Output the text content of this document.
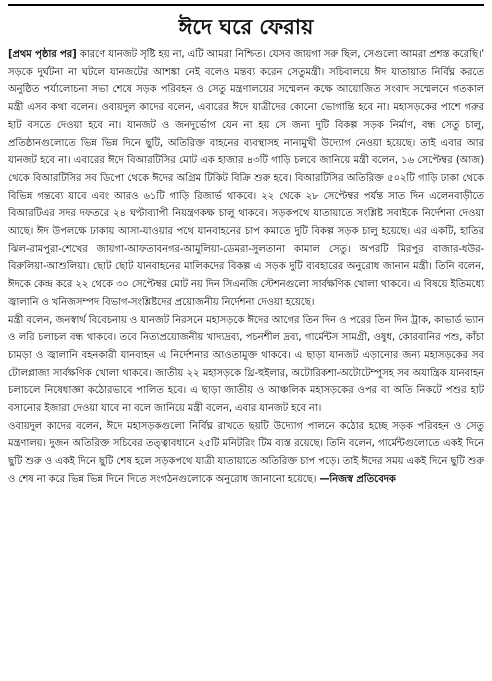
ঈদে ঘরে ফেরায়

[প্রথম পৃষ্ঠার পর] কারণে যানজট সৃষ্টি হয় না, এটি আমরা নিশ্চিত। যেসব জায়গা সরু ছিল, সেগুলো আমরা প্রশস্ত করেছি।' সড়কে দুর্ঘটনা না ঘটলে যানজটের আশঙ্কা নেই বলেও মন্তব্য করেন সেতুমন্ত্রী। সচিবালয়ে ঈদ যাতায়াত নির্বিঘ্ন করতে অনুষ্ঠিত পর্যালোচনা সভা শেষে সড়ক পরিবহন ও সেতু মন্ত্রণালয়ের সম্মেলন কক্ষে আয়োজিত সংবাদ সম্মেলনে গতকাল মন্ত্রী এসব কথা বলেন। ওবায়দুল কাদের বলেন, এবারের ঈদে যাত্রীদের কোনো ভোগান্তি হবে না। মহাসড়কের পাশে গরুর হাট বসতে দেওয়া হবে না। যানজট ও জনদুর্ভোগ যেন না হয় সে জন্য দুটি বিকল্প সড়ক নির্মাণ, বন্ধ সেতু চালু, প্রতিষ্ঠানগুলোতে ভিন্ন ভিন্ন দিনে ছুটি, অতিরিক্ত বাহনের ব্যবস্থাসহ নানামুখী উদ্যোগ নেওয়া হয়েছে। তাই এবার আর যানজট হবে না। এবারের ঈদে বিআরটিসির মোট এক হাজার ৪৩টি গাড়ি চলবে জানিয়ে মন্ত্রী বলেন, ১৬ সেপ্টেম্বর (আজ) থেকে বিআরটিসির সব ডিপো থেকে ঈদের অগ্রিম টিকিট বিক্রি শুরু হবে। বিআরটিসির অতিরিক্ত ৫০২টি গাড়ি ঢাকা থেকে বিভিন্ন গন্তব্যে যাবে এবং আরও ৬১টি গাড়ি রিজার্ভ থাকবে। ২২ থেকে ২৮ সেপ্টেম্বর পর্যন্ত সাত দিন এলেনবাড়ীতে বিআরটিএর সদর দফতরে ২৪ ঘণ্টাব্যাপী নিয়ন্ত্রণকক্ষ চালু থাকবে। সড়কপথে যাতায়াতে সংশ্লিষ্ট সবাইকে নির্দেশনা দেওয়া আছে। ঈদ উপলক্ষে ঢাকায় আসা-যাওয়ার পথে যানবাহনের চাপ কমাতে দুটি বিকল্প সড়ক চালু হয়েছে। এর একটি, হাতির ঝিল-রামপুরা-শেখের জায়গা-আফতাবনগর-আমুলিয়া-ডেমরা-সুলতানা কামাল সেতু। অপরটি মিরপুর বাজার-ধউর-বিরুলিয়া-আশুলিয়া। ছোট ছোট যানবাহনের মালিকদের বিকল্প এ সড়ক দুটি ব্যবহারের অনুরোধ জানান মন্ত্রী। তিনি বলেন, ঈদকে কেন্দ্র করে ২২ থেকে ৩০ সেপ্টেম্বর মোট নয় দিন সিএনজি স্টেশনগুলো সার্বক্ষণিক খোলা থাকবে। এ বিষয়ে ইতিমধ্যে জ্বালানি ও খনিজসম্পদ বিভাগ-সংশ্লিষ্টদের প্রয়োজনীয় নির্দেশনা দেওয়া হয়েছে।

মন্ত্রী বলেন, জনস্বার্থ বিবেচনায় ও যানজট নিরসনে মহাসড়কে ঈদের আগের তিন দিন ও পরের তিন দিন ট্রাক, কাভার্ড ভ্যান ও লরি চলাচল বন্ধ থাকবে। তবে নিত্যপ্রয়োজনীয় খাদ্যদ্রব্য, পচনশীল দ্রব্য, গার্মেন্টস সামগ্রী, ওষুধ, কোরবানির পশু, কাঁচা চামড়া ও জ্বালানি বহনকারী যানবাহন এ নির্দেশনার আওতামুক্ত থাকবে। এ ছাড়া যানজট এড়ানোর জন্য মহাসড়কের সব টোলপ্লাজা সার্বক্ষণিক খোলা থাকবে। জাতীয় ২২ মহাসড়কে থ্রি-হুইলার, অটোরিকশা-অটোটেম্পুসহ সব অযান্ত্রিক যানবাহন চলাচলে নিষেধাজ্ঞা কঠোরভাবে পালিত হবে। এ ছাড়া জাতীয় ও আঞ্চলিক মহাসড়কের ওপর বা অতি নিকটে পশুর হাট বসানোর ইজারা দেওয়া যাবে না বলে জানিয়ে মন্ত্রী বলেন, এবার যানজট হবে না।

ওবায়দুল কাদের বলেন, ঈদে মহাসড়কগুলো নির্বিঘ্ন রাখতে ছয়টি উদ্যোগ পালনে কঠোর হচ্ছে সড়ক পরিবহন ও সেতু মন্ত্রণালয়। দুজন অতিরিক্ত সচিবের তত্ত্বাবধানে ২৫টি মনিটরিং টিম ব্যস্ত রয়েছে। তিনি বলেন, গার্মেন্টগুলোতে একই দিনে ছুটি শুরু ও একই দিনে ছুটি শেষ হলে সড়কপথে যাত্রী যাতায়াতে অতিরিক্ত চাপ পড়ে। তাই ঈদের সময় একই দিনে ছুটি শুরু ও শেষ না করে ভিন্ন ভিন্ন দিনে দিতে সংগঠনগুলোকে অনুরোধ জানানো হয়েছে। —নিজস্ব প্রতিবেদক
